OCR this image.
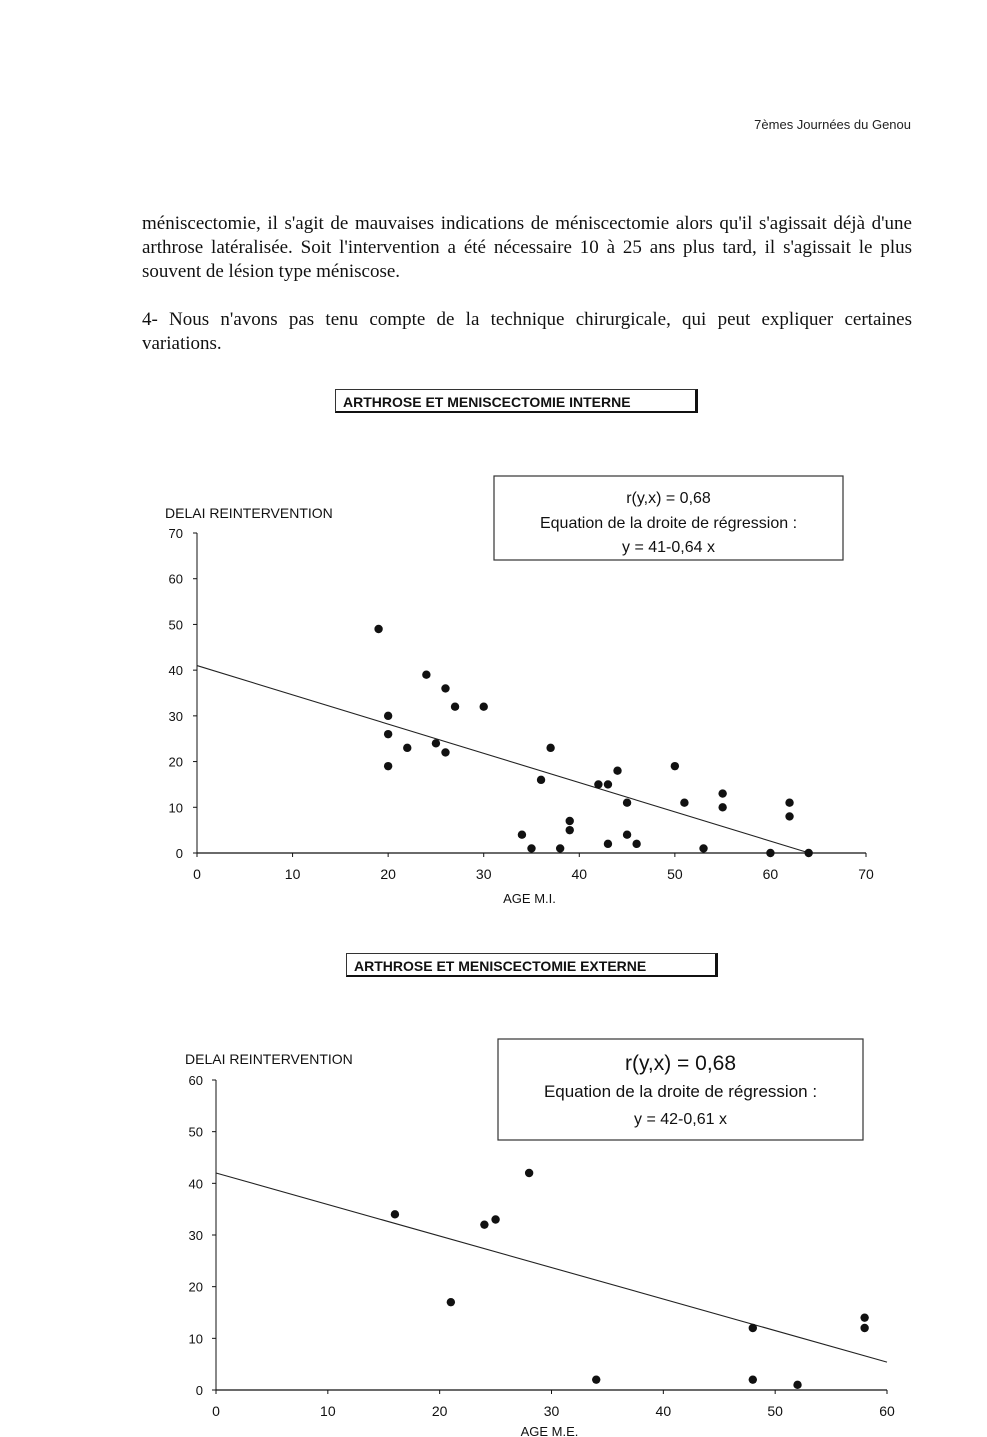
7èmes Journées du Genou

méniscectomie, il s'agit de mauvaises indications de méniscectomie alors qu'il s'agissait déjà d'une arthrose latéralisée. Soit l'intervention a été nécessaire 10 à 25 ans plus tard, il s'agissait le plus souvent de lésion type méniscose.

4- Nous n'avons pas tenu compte de la technique chirurgicale, qui peut expliquer certaines variations.

ARTHROSE ET MENISCECTOMIE INTERNE
0
10
20
30
40
50
60
70
0	10	20	30	40	50	60	70
DELAI REINTERVENTION
AGE M.I.
r(y,x) = 0,68
Equation de la droite de régression :
y = 41-0,64 x
ARTHROSE ET MENISCECTOMIE EXTERNE
0
10
20
30
40
50
60
0	10	20	30	40	50	60
DELAI REINTERVENTION
AGE M.E.
r(y,x) = 0,68
Equation de la droite de régression :
y = 42-0,61 x
